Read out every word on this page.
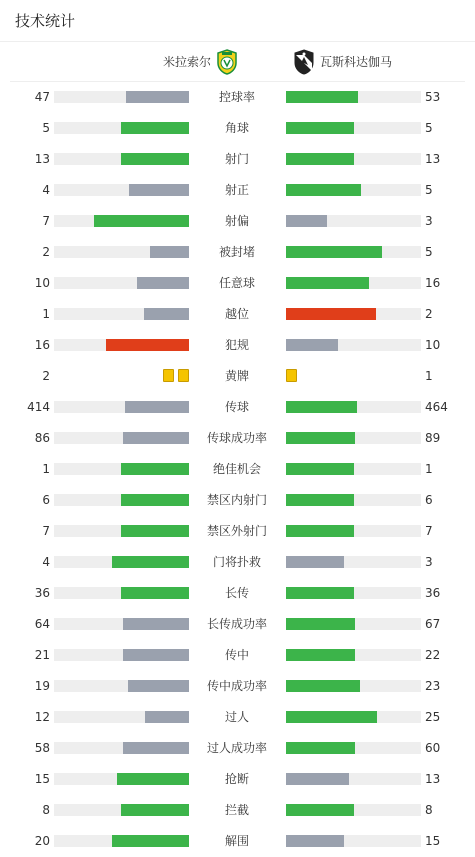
技术统计
米拉索尔	瓦斯科达伽马
47	控球率	53
5	角球	5
13	射门	13
4	射正	5
7	射偏	3
2	被封堵	5
10	任意球	16
1	越位	2
16	犯规	10
2	黄牌	1
414	传球	464
86	传球成功率	89
1	绝佳机会	1
6	禁区内射门	6
7	禁区外射门	7
4	门将扑救	3
36	长传	36
64	长传成功率	67
21	传中	22
19	传中成功率	23
12	过人	25
58	过人成功率	60
15	抢断	13
8	拦截	8
20	解围	15
